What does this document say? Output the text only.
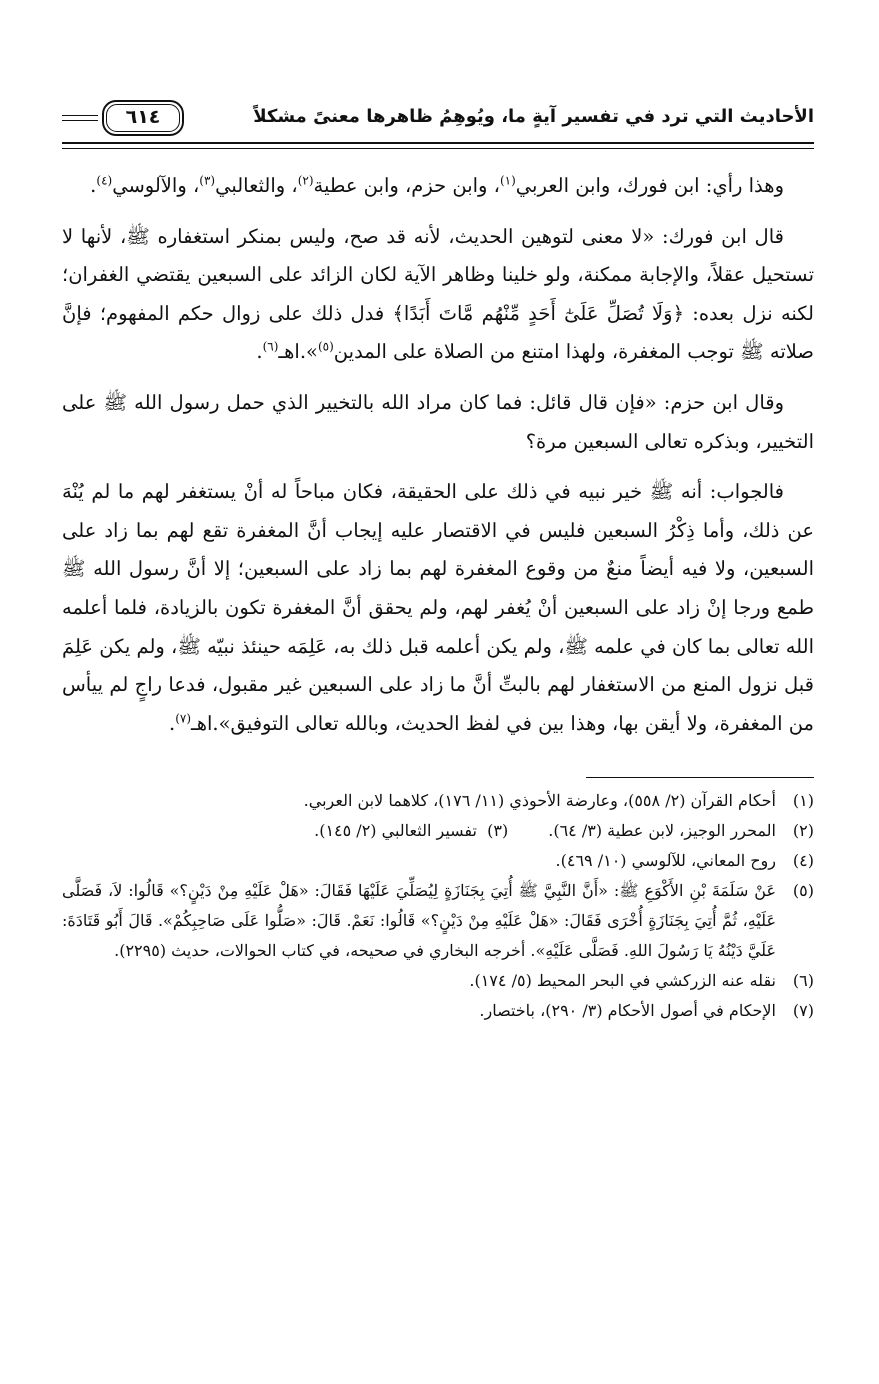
الأحاديث التي ترد في تفسير آيةٍ ما، ويُوهِمُ ظاهرها معنىً مشكلاً
٦١٤

وهذا رأي: ابن فورك، وابن العربي$^{(١)}$، وابن حزم، وابن عطية$^{(٢)}$، والثعالبي$^{(٣)}$، والآلوسي$^{(٤)}$.

قال ابن فورك: «لا معنى لتوهين الحديث، لأنه قد صح، وليس بمنكر استغفاره ﷺ، لأنها لا تستحيل عقلاً، والإجابة ممكنة، ولو خلينا وظاهر الآية لكان الزائد على السبعين يقتضي الغفران؛ لكنه نزل بعده: ﴿وَلَا تُصَلِّ عَلَىٰٓ أَحَدٍ مِّنْهُم مَّاتَ أَبَدًا﴾ فدل ذلك على زوال حكم المفهوم؛ فإنَّ صلاته ﷺ توجب المغفرة، ولهذا امتنع من الصلاة على المدين$^{(٥)}$».اهـ$^{(٦)}$.

وقال ابن حزم: «فإن قال قائل: فما كان مراد الله بالتخيير الذي حمل رسول الله ﷺ على التخيير، وبذكره تعالى السبعين مرة؟

فالجواب: أنه ﷺ خير نبيه في ذلك على الحقيقة، فكان مباحاً له أنْ يستغفر لهم ما لم يُنْهَ عن ذلك، وأما ذِكْرُ السبعين فليس في الاقتصار عليه إيجاب أنَّ المغفرة تقع لهم بما زاد على السبعين، ولا فيه أيضاً منعٌ من وقوع المغفرة لهم بما زاد على السبعين؛ إلا أنَّ رسول الله ﷺ طمع ورجا إنْ زاد على السبعين أنْ يُغفر لهم، ولم يحقق أنَّ المغفرة تكون بالزيادة، فلما أعلمه الله تعالى بما كان في علمه ﷺ، ولم يكن أعلمه قبل ذلك به، عَلِمَه حينئذ نبيّه ﷺ، ولم يكن عَلِمَ قبل نزول المنع من الاستغفار لهم بالبتِّ أنَّ ما زاد على السبعين غير مقبول، فدعا راجٍ لم ييأس من المغفرة، ولا أيقن بها، وهذا بين في لفظ الحديث، وبالله تعالى التوفيق».اهـ$^{(٧)}$.

(١)
أحكام القرآن (٢/ ٥٥٨)، وعارضة الأحوذي (١١/ ١٧٦)، كلاهما لابن العربي.

(٢)
المحرر الوجيز، لابن عطية (٣/ ٦٤).
(٣)

تفسير الثعالبي (٢/ ١٤٥).

(٤)
روح المعاني، للآلوسي (١٠/ ٤٦٩).

(٥)
عَنْ سَلَمَةَ بْنِ الأَكْوَعِ ﷺ: «أَنَّ النَّبِيَّ ﷺ أُتِيَ بِجَنَازَةٍ لِيُصَلِّيَ عَلَيْهَا فَقَالَ: «هَلْ عَلَيْهِ مِنْ دَيْنٍ؟» قَالُوا: لاَ، فَصَلَّى عَلَيْهِ، ثُمَّ أُتِيَ بِجَنَازَةٍ أُخْرَى فَقَالَ: «هَلْ عَلَيْهِ مِنْ دَيْنٍ؟» قَالُوا: نَعَمْ. قَالَ: «صَلُّوا عَلَى صَاحِبِكُمْ». قَالَ أَبُو قَتَادَةَ: عَلَيَّ دَيْنُهُ يَا رَسُولَ اللهِ. فَصَلَّى عَلَيْهِ». أخرجه البخاري في صحيحه، في كتاب الحوالات، حديث (٢٢٩٥).

(٦)
نقله عنه الزركشي في البحر المحيط (٥/ ١٧٤).

(٧)
الإحكام في أصول الأحكام (٣/ ٢٩٠)، باختصار.
